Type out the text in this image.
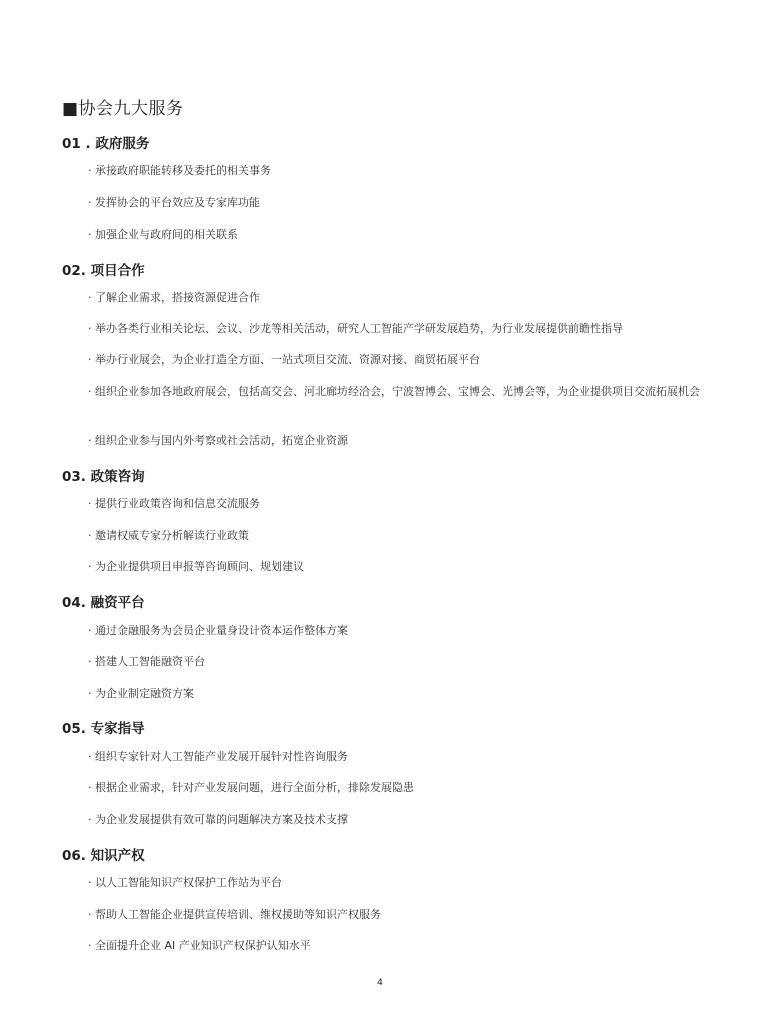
■协会九大服务
01 . 政府服务
· 承接政府职能转移及委托的相关事务
· 发挥协会的平台效应及专家库功能
· 加强企业与政府间的相关联系
02. 项目合作
· 了解企业需求，搭接资源促进合作
· 举办各类行业相关论坛、会议、沙龙等相关活动，研究人工智能产学研发展趋势，为行业发展提供前瞻性指导
· 举办行业展会，为企业打造全方面、一站式项目交流、资源对接、商贸拓展平台
· 组织企业参加各地政府展会，包括高交会、河北廊坊经洽会，宁波智博会、宝博会、光博会等，为企业提供项目交流拓展机会
· 组织企业参与国内外考察或社会活动，拓宽企业资源
03. 政策咨询
· 提供行业政策咨询和信息交流服务
· 邀请权威专家分析解读行业政策
· 为企业提供项目申报等咨询顾问、规划建议
04. 融资平台
· 通过金融服务为会员企业量身设计资本运作整体方案
· 搭建人工智能融资平台
· 为企业制定融资方案
05. 专家指导
· 组织专家针对人工智能产业发展开展针对性咨询服务
· 根据企业需求，针对产业发展问题，进行全面分析，排除发展隐患
· 为企业发展提供有效可靠的问题解决方案及技术支撑
06. 知识产权
· 以人工智能知识产权保护工作站为平台
· 帮助人工智能企业提供宣传培训、维权援助等知识产权服务
· 全面提升企业 AI 产业知识产权保护认知水平
4
